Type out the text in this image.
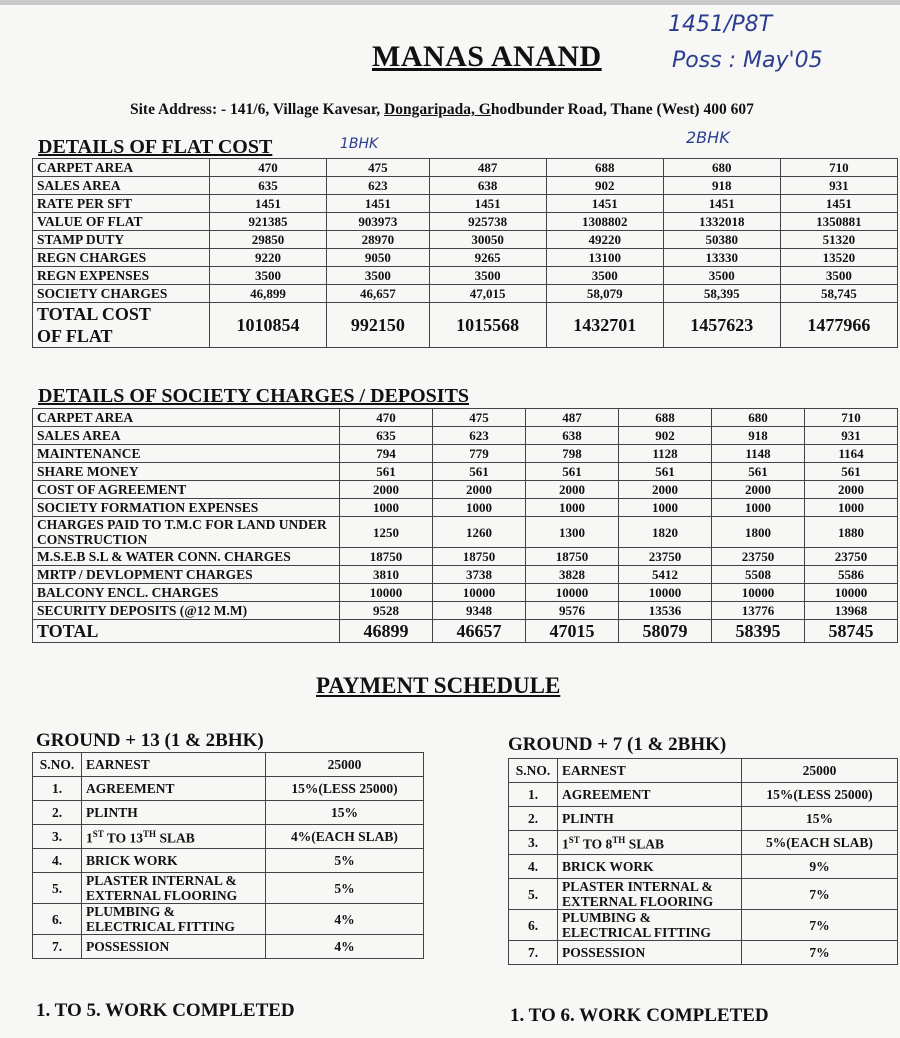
MANAS ANAND
1451/P8T
Poss : May'05
1BHK	2BHK
Site Address: - 141/6, Village Kavesar, Dongaripada, Ghodbunder Road, Thane (West) 400 607
DETAILS OF FLAT COST
CARPET AREA	470	475	487	688	680	710
SALES AREA	635	623	638	902	918	931
RATE PER SFT	1451	1451	1451	1451	1451	1451
VALUE OF FLAT	921385	903973	925738	1308802	1332018	1350881
STAMP DUTY	29850	28970	30050	49220	50380	51320
REGN CHARGES	9220	9050	9265	13100	13330	13520
REGN EXPENSES	3500	3500	3500	3500	3500	3500
SOCIETY CHARGES	46,899	46,657	47,015	58,079	58,395	58,745
TOTAL COST
OF FLAT	1010854	992150	1015568	1432701	1457623	1477966
DETAILS OF SOCIETY CHARGES / DEPOSITS
CARPET AREA	470	475	487	688	680	710
SALES AREA	635	623	638	902	918	931
MAINTENANCE	794	779	798	1128	1148	1164
SHARE MONEY	561	561	561	561	561	561
COST OF AGREEMENT	2000	2000	2000	2000	2000	2000
SOCIETY FORMATION EXPENSES	1000	1000	1000	1000	1000	1000
CHARGES PAID TO T.M.C FOR LAND UNDER CONSTRUCTION	1250	1260	1300	1820	1800	1880
M.S.E.B S.L & WATER CONN. CHARGES	18750	18750	18750	23750	23750	23750
MRTP / DEVLOPMENT CHARGES	3810	3738	3828	5412	5508	5586
BALCONY ENCL. CHARGES	10000	10000	10000	10000	10000	10000
SECURITY DEPOSITS (@12 M.M)	9528	9348	9576	13536	13776	13968
TOTAL	46899	46657	47015	58079	58395	58745
PAYMENT SCHEDULE
GROUND + 13 (1 & 2BHK)
S.NO.	EARNEST	25000
1.	AGREEMENT	15%(LESS 25000)
2.	PLINTH	15%
3.	1ST TO 13TH SLAB	4%(EACH SLAB)
4.	BRICK WORK	5%
5.	PLASTER INTERNAL & EXTERNAL FLOORING	5%
6.	PLUMBING & ELECTRICAL FITTING	4%
7.	POSSESSION	4%
1. TO 5. WORK COMPLETED
GROUND + 7 (1 & 2BHK)
S.NO.	EARNEST	25000
1.	AGREEMENT	15%(LESS 25000)
2.	PLINTH	15%
3.	1ST TO 8TH SLAB	5%(EACH SLAB)
4.	BRICK WORK	9%
5.	PLASTER INTERNAL & EXTERNAL FLOORING	7%
6.	PLUMBING & ELECTRICAL FITTING	7%
7.	POSSESSION	7%
1. TO 6. WORK COMPLETED
